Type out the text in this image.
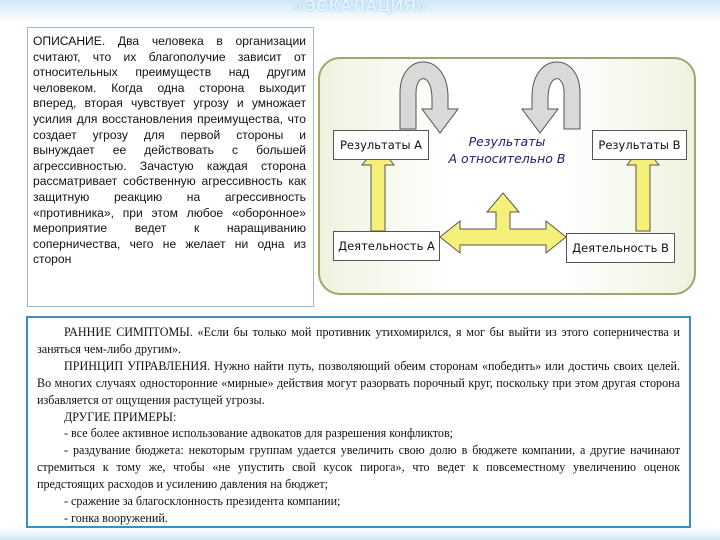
«ЭСКАЛАЦИЯ»
ОПИСАНИЕ. Два человека в организации считают, что их благополучие зависит от относительных преимуществ над другим человеком. Когда одна сторона выходит вперед, вторая чувствует угрозу и умножает усилия для восстановления преимущества, что создает угрозу для первой стороны и вынуждает ее действовать с большей агрессивностью. Зачастую каждая сторона рассматривает собственную агрессивность как защитную реакцию на агрессивность «противника», при этом любое «оборонное» мероприятие ведет к наращиванию соперничества, чего не желает ни одна из сторон
Результаты А	Результаты
А относительно В
Результаты В
Деятельность А	Деятельность В

РАННИЕ СИМПТОМЫ. «Если бы только мой противник утихомирился, я мог бы выйти из этого соперничества и заняться чем-либо другим».

ПРИНЦИП УПРАВЛЕНИЯ. Нужно найти путь, позволяющий обеим сторонам «победить» или достичь своих целей. Во многих случаях односторонние «мирные» действия могут разорвать порочный круг, поскольку при этом другая сторона избавляется от ощущения растущей угрозы.

ДРУГИЕ ПРИМЕРЫ:

- все более активное использование адвокатов для разрешения конфликтов;

- раздувание бюджета: некоторым группам удается увеличить свою долю в бюджете компании, а другие начинают стремиться к тому же, чтобы «не упустить свой кусок пирога», что ведет к повсеместному увеличению оценок предстоящих расходов и усилению давления на бюджет;

- сражение за благосклонность президента компании;

- гонка вооружений.
